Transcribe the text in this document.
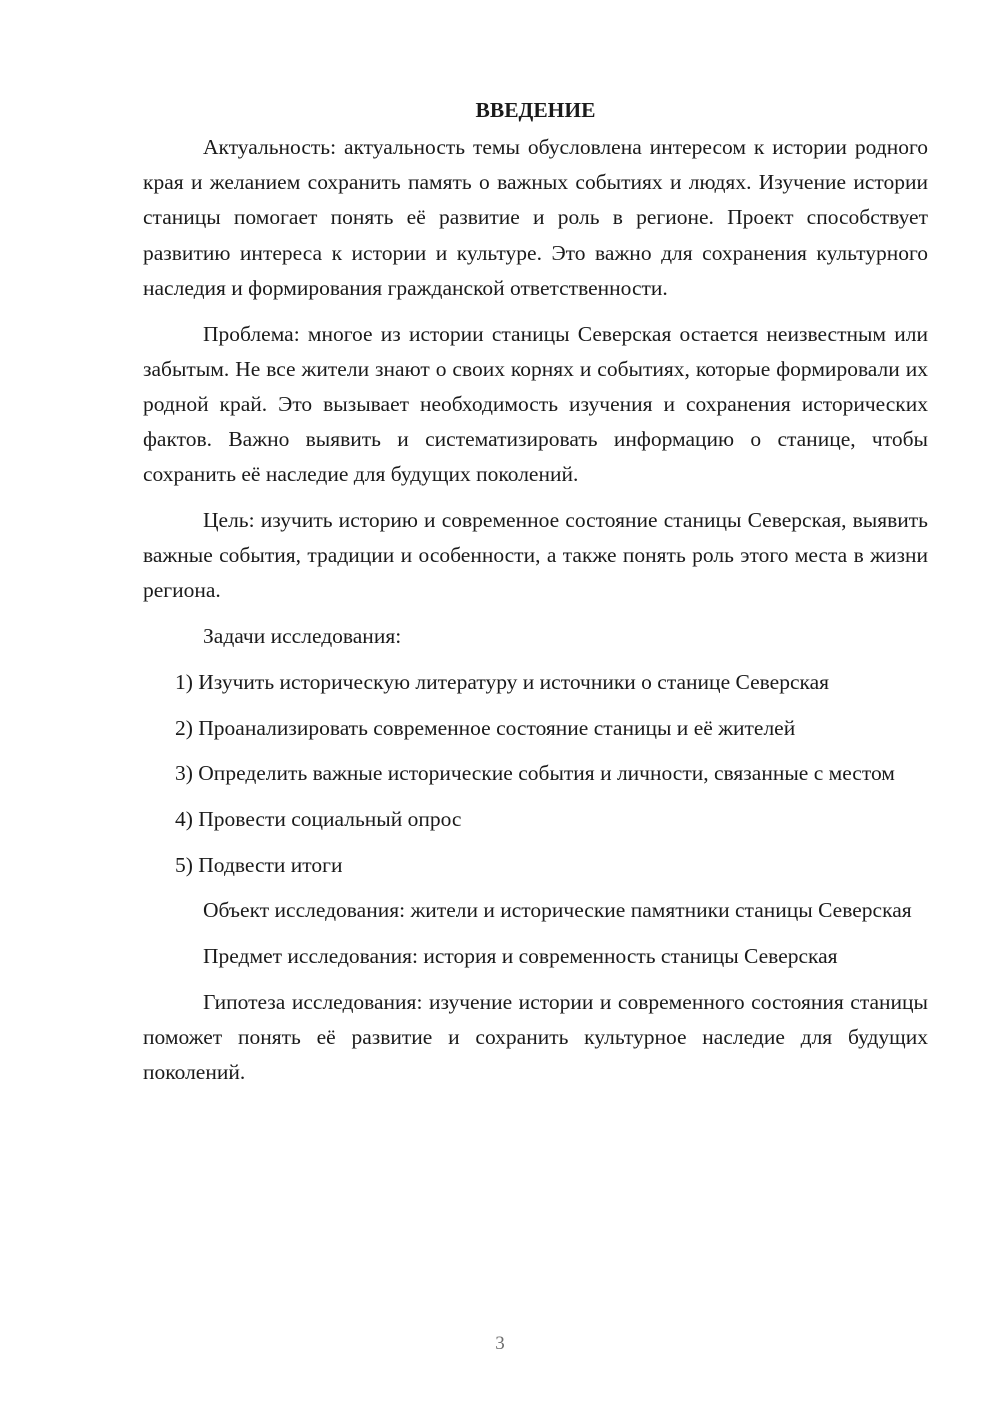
ВВЕДЕНИЕ

Актуальность: актуальность темы обусловлена интересом к истории родного края и желанием сохранить память о важных событиях и людях. Изучение истории станицы помогает понять её развитие и роль в регионе. Проект способствует развитию интереса к истории и культуре. Это важно для сохранения культурного наследия и формирования гражданской ответственности.

Проблема: многое из истории станицы Северская остается неизвестным или забытым. Не все жители знают о своих корнях и событиях, которые формировали их родной край. Это вызывает необходимость изучения и сохранения исторических фактов. Важно выявить и систематизировать информацию о станице, чтобы сохранить её наследие для будущих поколений.

Цель: изучить историю и современное состояние станицы Северская, выявить важные события, традиции и особенности, а также понять роль этого места в жизни региона.

Задачи исследования:

1) Изучить историческую литературу и источники о станице Северская

2) Проанализировать современное состояние станицы и её жителей

3) Определить важные исторические события и личности, связанные с местом

4) Провести социальный опрос

5) Подвести итоги

Объект исследования: жители и исторические памятники станицы Северская

Предмет исследования: история и современность станицы Северская

Гипотеза исследования: изучение истории и современного состояния станицы поможет понять её развитие и сохранить культурное наследие для будущих поколений.

3
